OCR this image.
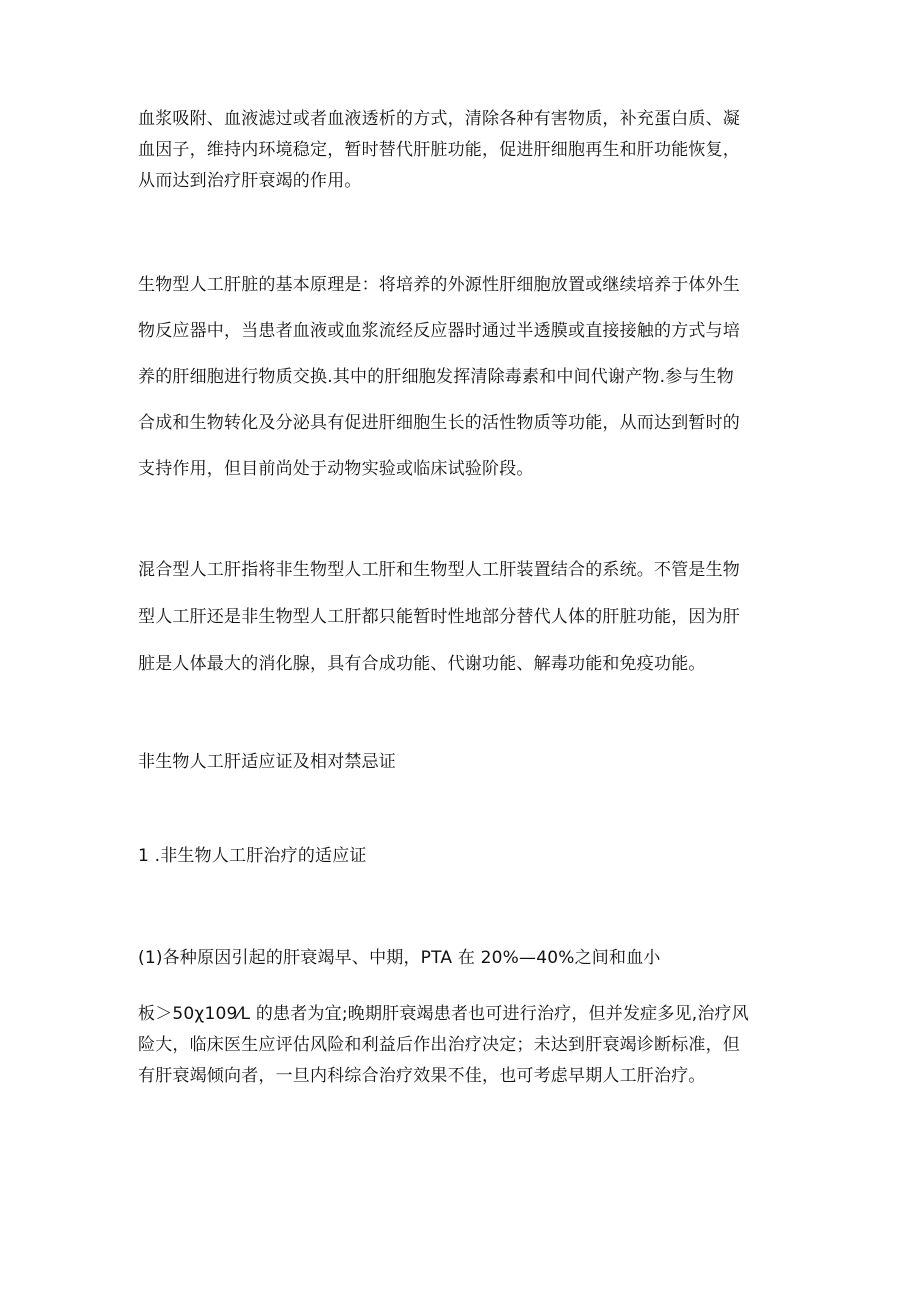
血浆吸附、血液滤过或者血液透析的方式，清除各种有害物质，补充蛋白质、凝
血因子，维持内环境稳定，暂时替代肝脏功能，促进肝细胞再生和肝功能恢复，
从而达到治疗肝衰竭的作用。

生物型人工肝脏的基本原理是：将培养的外源性肝细胞放置或继续培养于体外生
物反应器中，当患者血液或血浆流经反应器时通过半透膜或直接接触的方式与培
养的肝细胞进行物质交换.其中的肝细胞发挥清除毒素和中间代谢产物.参与生物
合成和生物转化及分泌具有促进肝细胞生长的活性物质等功能，从而达到暂时的
支持作用，但目前尚处于动物实验或临床试验阶段。

混合型人工肝指将非生物型人工肝和生物型人工肝装置结合的系统。不管是生物
型人工肝还是非生物型人工肝都只能暂时性地部分替代人体的肝脏功能，因为肝
脏是人体最大的消化腺，具有合成功能、代谢功能、解毒功能和免疫功能。

非生物人工肝适应证及相对禁忌证

1 .非生物人工肝治疗的适应证

(1)各种原因引起的肝衰竭早、中期，PTA 在 20%—40%之间和血小

板＞50χ109⁄L 的患者为宜;晚期肝衰竭患者也可进行治疗，但并发症多见,治疗风
险大，临床医生应评估风险和利益后作出治疗决定；未达到肝衰竭诊断标准，但
有肝衰竭倾向者，一旦内科综合治疗效果不佳，也可考虑早期人工肝治疗。
